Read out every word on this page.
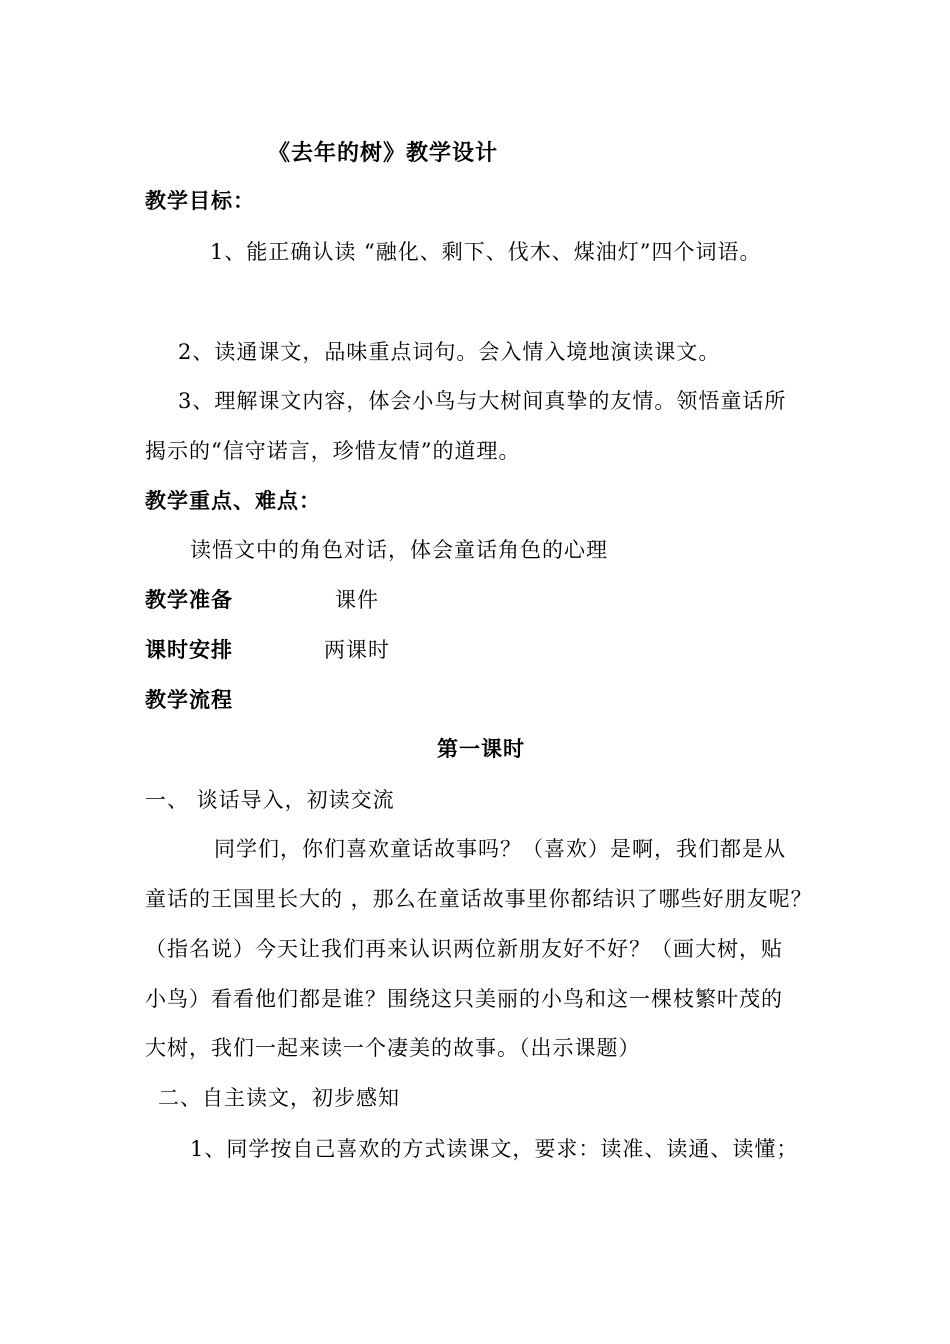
《去年的树》教学设计
教学目标：
1、能正确认读 “融化、剩下、伐木、煤油灯”四个词语。
2、读通课文，品味重点词句。会入情入境地演读课文。
3、理解课文内容，体会小鸟与大树间真挚的友情。领悟童话所
揭示的“信守诺言，珍惜友情”的道理。
教学重点、难点：
读悟文中的角色对话，体会童话角色的心理
教学准备	课件
课时安排	两课时
教学流程
第一课时
一、 谈话导入，初读交流
同学们，你们喜欢童话故事吗？（喜欢）是啊，我们都是从
童话的王国里长大的 ，那么在童话故事里你都结识了哪些好朋友呢？
（指名说）今天让我们再来认识两位新朋友好不好？（画大树，贴
小鸟）看看他们都是谁？围绕这只美丽的小鸟和这一棵枝繁叶茂的
大树，我们一起来读一个凄美的故事。（出示课题）
二、自主读文，初步感知
1、同学按自己喜欢的方式读课文，要求：读准、读通、读懂；
